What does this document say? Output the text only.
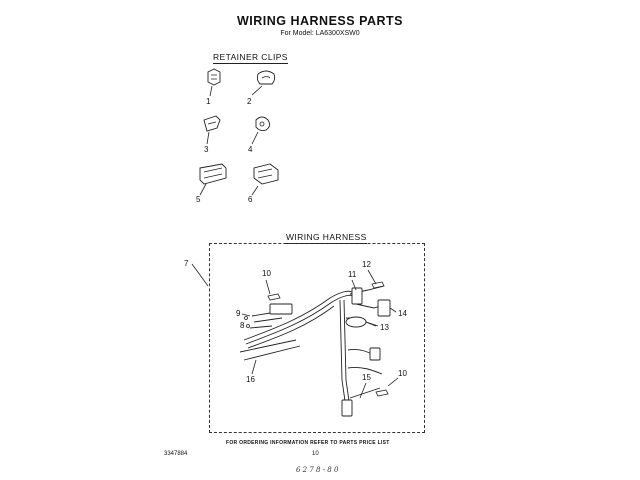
WIRING HARNESS PARTS
For Model: LA6300XSW0
RETAINER CLIPS
WIRING HARNESS
1	2
3	4
5	6
7
10	11
12
13
14
9
8
15	10
16
FOR ORDERING INFORMATION REFER TO PARTS PRICE LIST
3347884	10
6 2 7 8 - 8 0
